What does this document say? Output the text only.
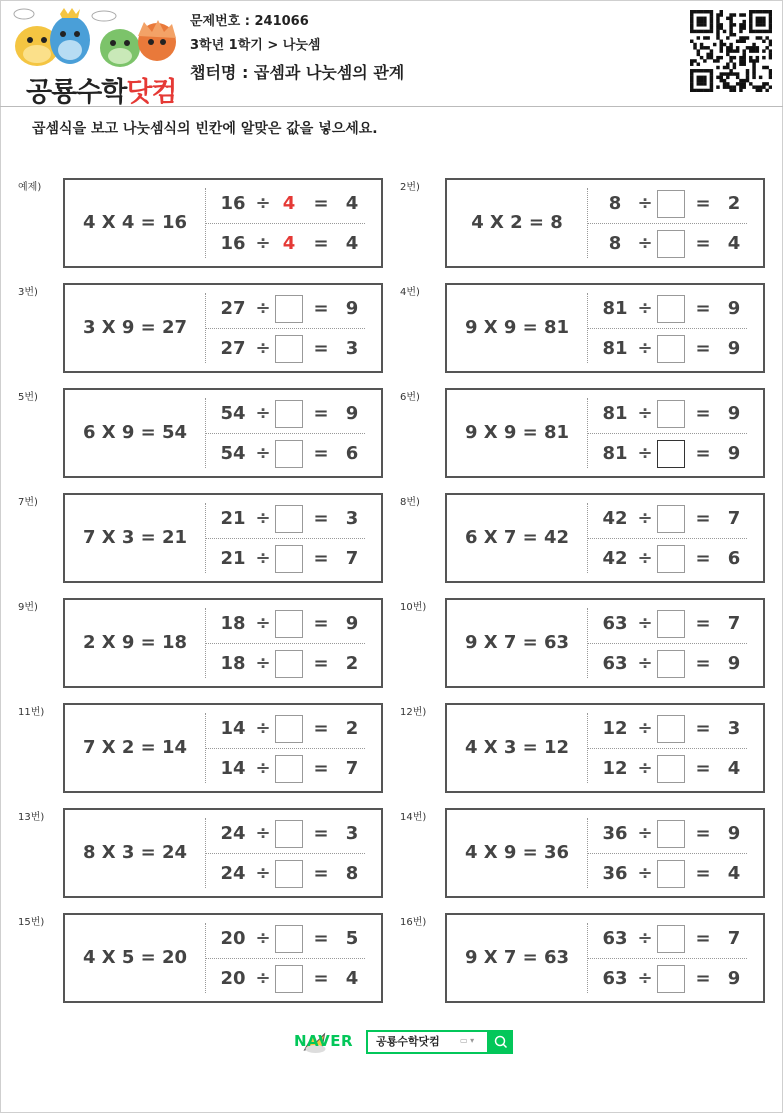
공룡수학닷컴
문제번호 : 241066
3학년 1학기 > 나눗셈
챕터명 : 곱셈과 나눗셈의 관계
곱셈식을 보고 나눗셈식의 빈칸에 알맞은 값을 넣으세요.
예제)
4 X 4 = 16
16 ÷ 4	= 4
16 ÷ 4	= 4
2번)
4 X 2 = 8
8 ÷ = 2
8 ÷ = 4
3번)
3 X 9 = 27
27 ÷ = 9
27 ÷ = 3
4번)
9 X 9 = 81
81 ÷ = 9
81 ÷ = 9
5번)
6 X 9 = 54
54 ÷ = 9
54 ÷ = 6
6번)
9 X 9 = 81
81 ÷ = 9
81 ÷ = 9
7번)
7 X 3 = 21
21 ÷ = 3
21 ÷ = 7
8번)
6 X 7 = 42
42 ÷ = 7
42 ÷ = 6
9번)
2 X 9 = 18
18 ÷ = 9
18 ÷ = 2
10번)
9 X 7 = 63
63 ÷ = 7
63 ÷ = 9
11번)
7 X 2 = 14
14 ÷ = 2
14 ÷ = 7
12번)
4 X 3 = 12
12 ÷ = 3
12 ÷ = 4
13번)
8 X 3 = 24
24 ÷ = 3
24 ÷ = 8
14번)
4 X 9 = 36
36 ÷ = 9
36 ÷ = 4
15번)
4 X 5 = 20
20 ÷ = 5
20 ÷ = 4
16번)
9 X 7 = 63
63 ÷ = 7
63 ÷ = 9
NAVER 공룡수학닷컴	▭ ▾
